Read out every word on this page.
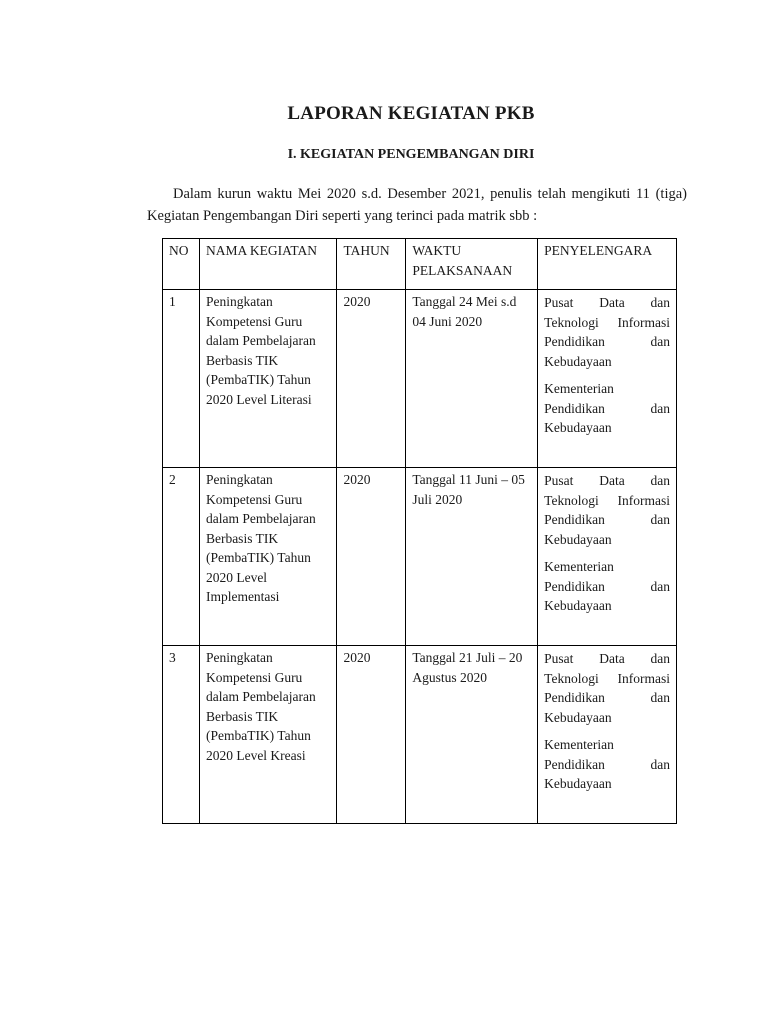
LAPORAN KEGIATAN PKB
I. KEGIATAN PENGEMBANGAN DIRI

Dalam kurun waktu Mei 2020 s.d. Desember 2021, penulis telah mengikuti 11 (tiga) Kegiatan Pengembangan Diri seperti yang terinci pada matrik sbb :

NO	NAMA KEGIATAN	TAHUN	WAKTU PELAKSANAAN	PENYELENGARA
1	Peningkatan Kompetensi Guru dalam Pembelajaran Berbasis TIK (PembaTIK) Tahun 2020 Level Literasi	2020	Tanggal 24 Mei s.d 04 Juni 2020	Pusat Data dan Teknologi Informasi Pendidikan dan Kebudayaan

Kementerian Pendidikan dan Kebudayaan

2	Peningkatan Kompetensi Guru dalam Pembelajaran Berbasis TIK (PembaTIK) Tahun 2020 Level Implementasi	2020	Tanggal 11 Juni – 05 Juli 2020	Pusat Data dan Teknologi Informasi Pendidikan dan Kebudayaan

Kementerian Pendidikan dan Kebudayaan

3	Peningkatan Kompetensi Guru dalam Pembelajaran Berbasis TIK (PembaTIK) Tahun 2020 Level Kreasi	2020	Tanggal 21 Juli – 20 Agustus 2020	Pusat Data dan Teknologi Informasi Pendidikan dan Kebudayaan

Kementerian Pendidikan dan Kebudayaan
